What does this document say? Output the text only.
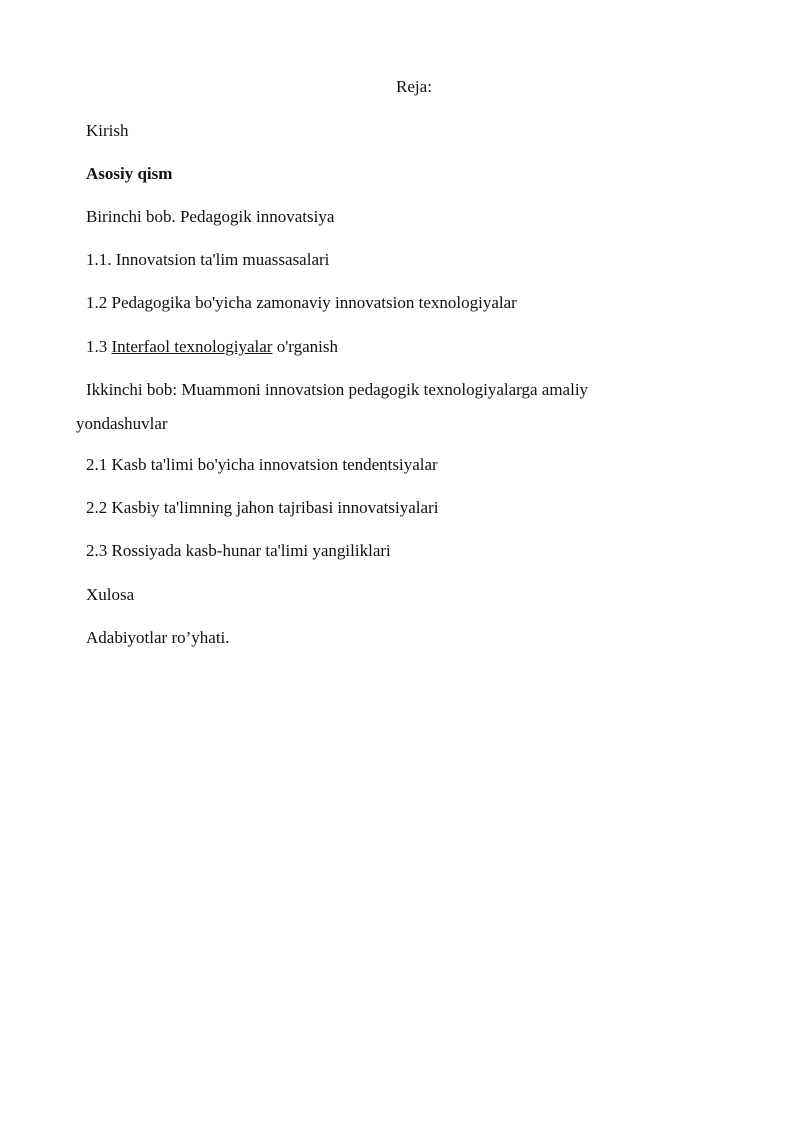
Reja:
Kirish
Asosiy qism
Birinchi bob. Pedagogik innovatsiya
1.1. Innovatsion ta'lim muassasalari
1.2 Pedagogika bo'yicha zamonaviy innovatsion texnologiyalar
1.3 Interfaol texnologiyalar o'rganish
Ikkinchi bob: Muammoni innovatsion pedagogik texnologiyalarga amaliy yondashuvlar
2.1 Kasb ta'limi bo'yicha innovatsion tendentsiyalar
2.2 Kasbiy ta'limning jahon tajribasi innovatsiyalari
2.3 Rossiyada kasb-hunar ta'limi yangiliklari
Xulosa
Adabiyotlar ro’yhati.
